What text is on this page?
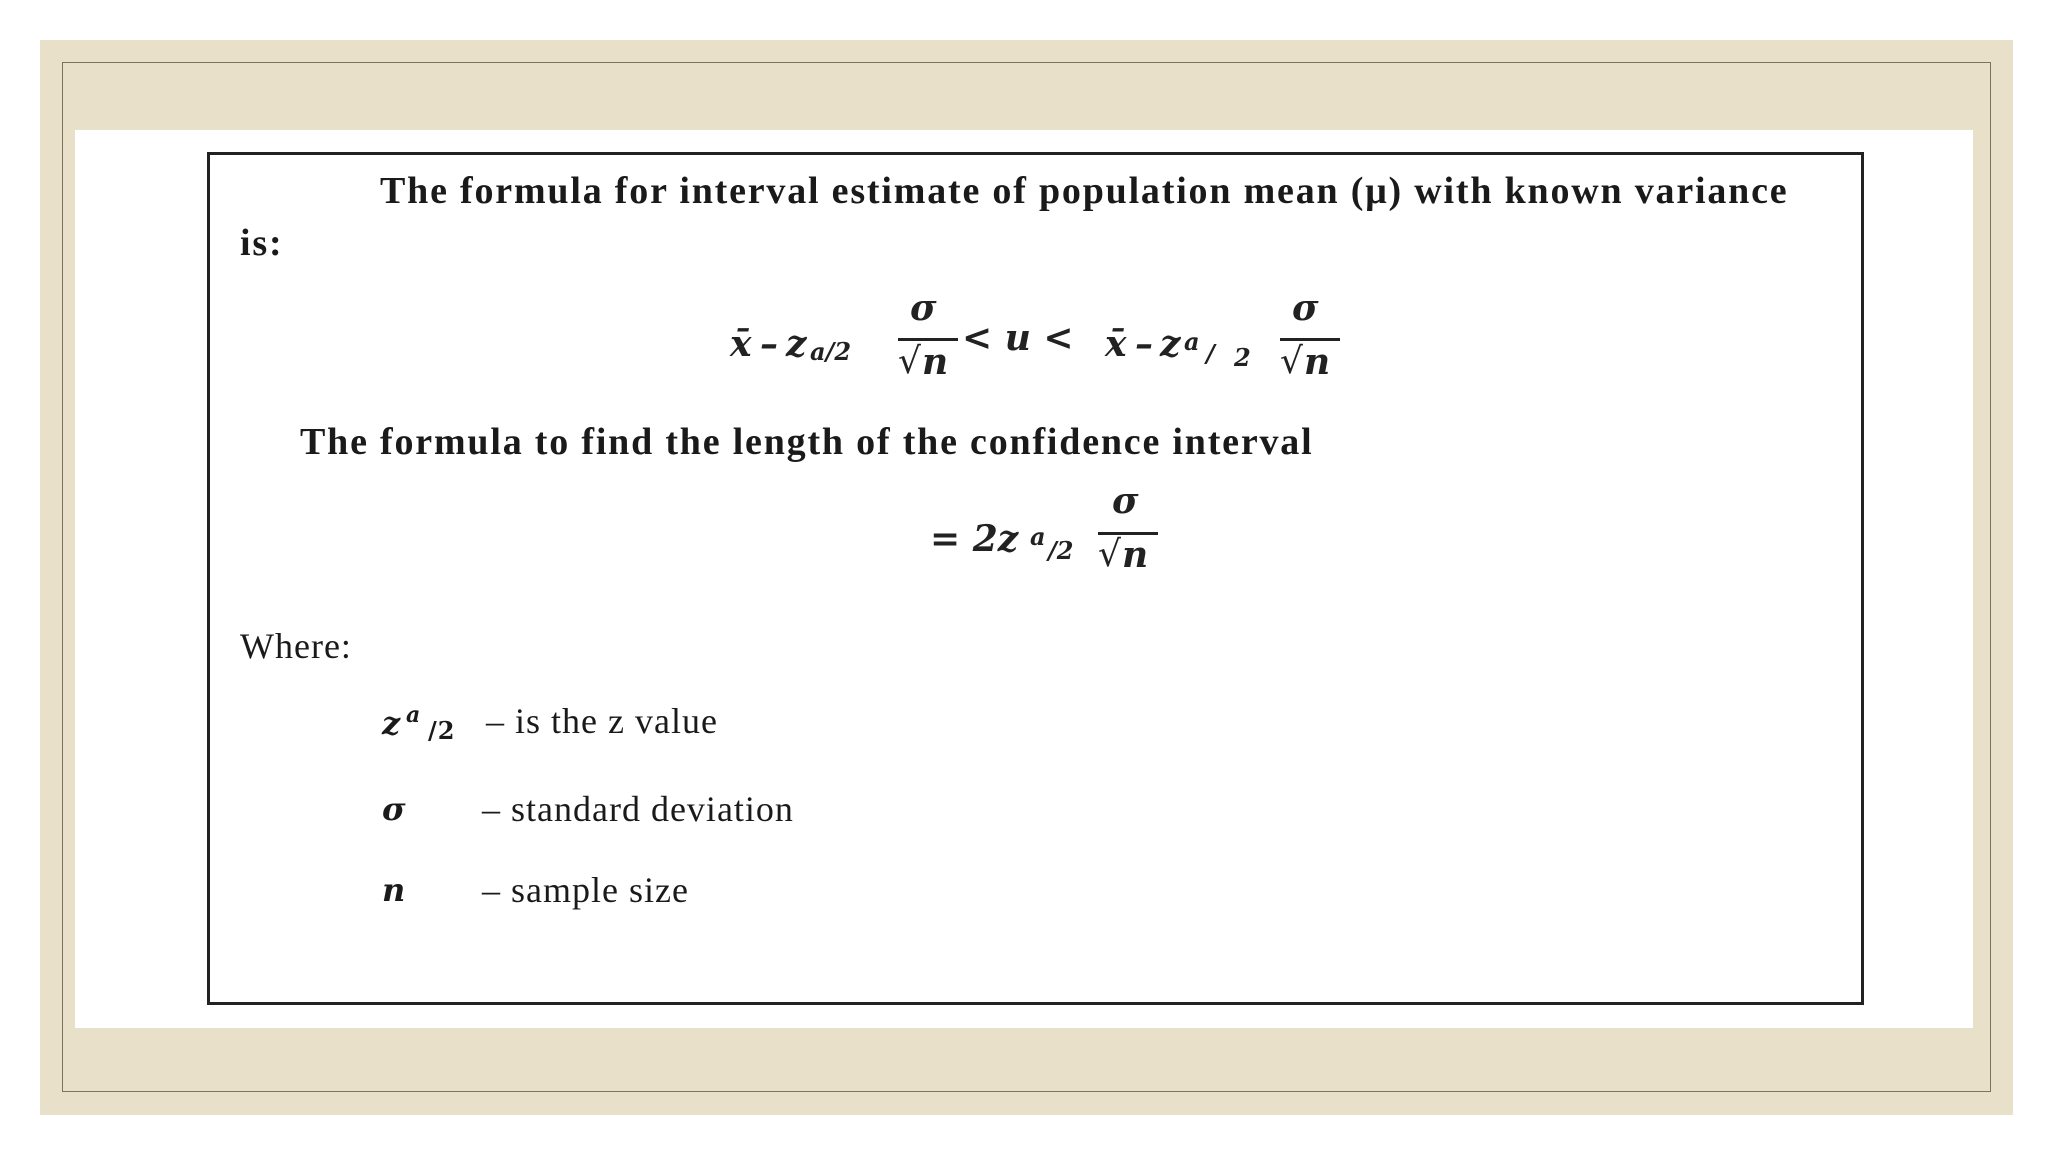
The formula for interval estimate of population mean (μ) with known variance is:
x̄ – z a/2
σ
√ n
< u < x̄ – z a / 2
σ
√ n
The formula to find the length of the confidence interval
= 2z a /2
σ
√ n
Where:
z a
/2 – is the z value
σ – standard deviation
n – sample size
